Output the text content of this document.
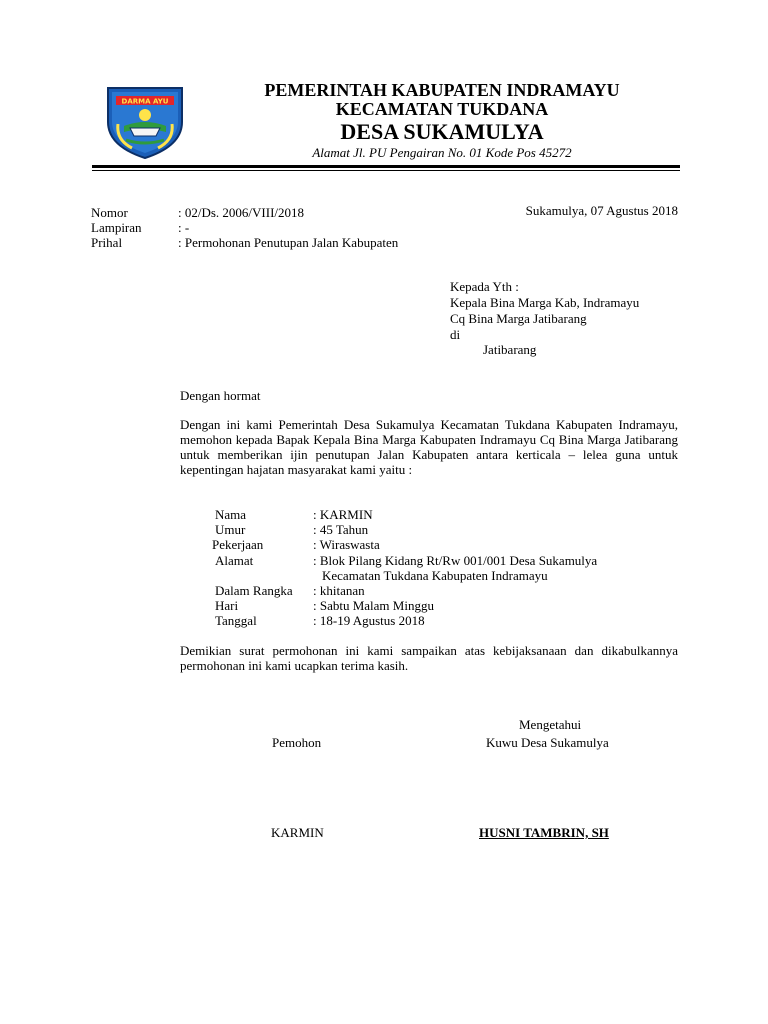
DARMA AYU
PEMERINTAH KABUPATEN INDRAMAYU
KECAMATAN TUKDANA
DESA SUKAMULYA
Alamat Jl. PU Pengairan No. 01 Kode Pos 45272
Sukamulya, 07 Agustus 2018
Nomor	: 02/Ds. 2006/VIII/2018
Lampiran	: -
Prihal	: Permohonan Penutupan Jalan Kabupaten
Kepada Yth :
Kepala Bina Marga Kab, Indramayu
Cq Bina Marga Jatibarang
di
Jatibarang
Dengan hormat
Dengan ini kami Pemerintah Desa Sukamulya Kecamatan Tukdana Kabupaten Indramayu, memohon kepada Bapak Kepala Bina Marga Kabupaten Indramayu Cq Bina Marga Jatibarang untuk memberikan ijin penutupan Jalan Kabupaten antara kerticala – lelea guna untuk kepentingan hajatan masyarakat kami yaitu :
Nama	: KARMIN
Umur	: 45 Tahun
Pekerjaan	: Wiraswasta
Alamat	: Blok Pilang Kidang Rt/Rw 001/001 Desa Sukamulya
Kecamatan Tukdana Kabupaten Indramayu
Dalam Rangka : khitanan
Hari	: Sabtu Malam Minggu
Tanggal	: 18-19 Agustus 2018
Demikian surat permohonan ini kami sampaikan atas kebijaksanaan dan dikabulkannya permohonan ini kami ucapkan terima kasih.
Mengetahui
Pemohon	Kuwu Desa Sukamulya
KARMIN	HUSNI TAMBRIN, SH
